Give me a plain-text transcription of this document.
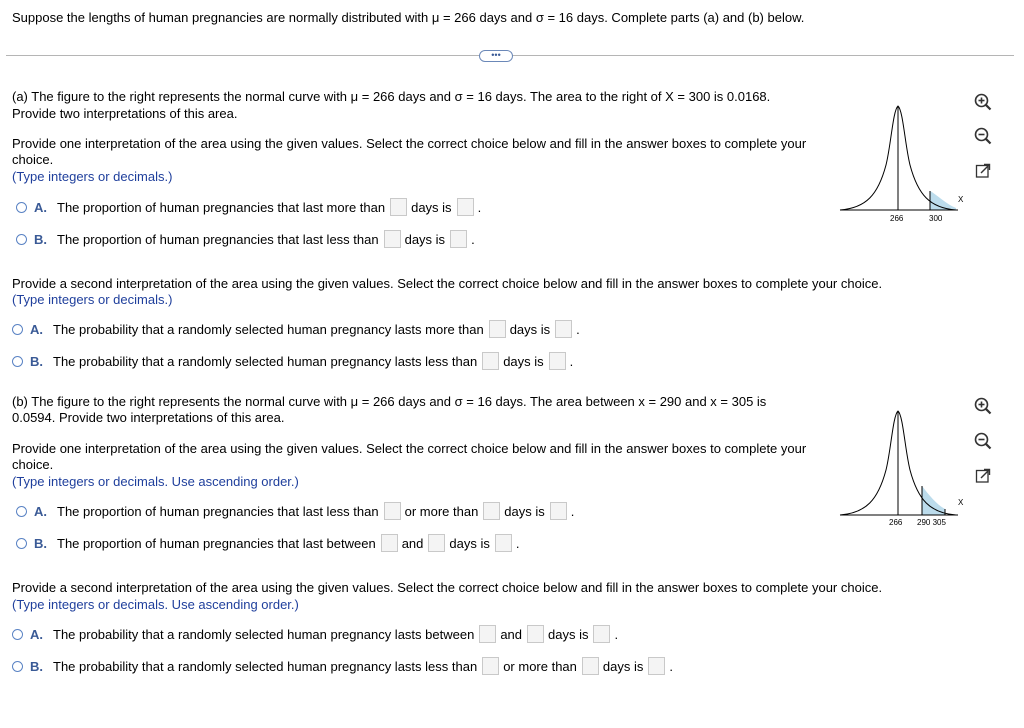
Suppose the lengths of human pregnancies are normally distributed with μ = 266 days and σ = 16 days. Complete parts (a) and (b) below.
•••
(a) The figure to the right represents the normal curve with μ = 266 days and σ = 16 days. The area to the right of X = 300 is 0.0168.
Provide two interpretations of this area.
Provide one interpretation of the area using the given values. Select the correct choice below and fill in the answer boxes to complete your choice.
(Type integers or decimals.)
A. The proportion of human pregnancies that last more than days is .
B. The proportion of human pregnancies that last less than days is .
Provide a second interpretation of the area using the given values. Select the correct choice below and fill in the answer boxes to complete your choice.
(Type integers or decimals.)
A. The probability that a randomly selected human pregnancy lasts more than days is .
B. The probability that a randomly selected human pregnancy lasts less than days is .
266	300
X
(b) The figure to the right represents the normal curve with μ = 266 days and σ = 16 days. The area between x = 290 and x = 305 is 0.0594. Provide two interpretations of this area.
Provide one interpretation of the area using the given values. Select the correct choice below and fill in the answer boxes to complete your choice.
(Type integers or decimals. Use ascending order.)
A. The proportion of human pregnancies that last less than or more than days is .
B. The proportion of human pregnancies that last between and days is .
Provide a second interpretation of the area using the given values. Select the correct choice below and fill in the answer boxes to complete your choice.
(Type integers or decimals. Use ascending order.)
A. The probability that a randomly selected human pregnancy lasts between and days is .
B. The probability that a randomly selected human pregnancy lasts less than or more than days is .
266 290 305
X
